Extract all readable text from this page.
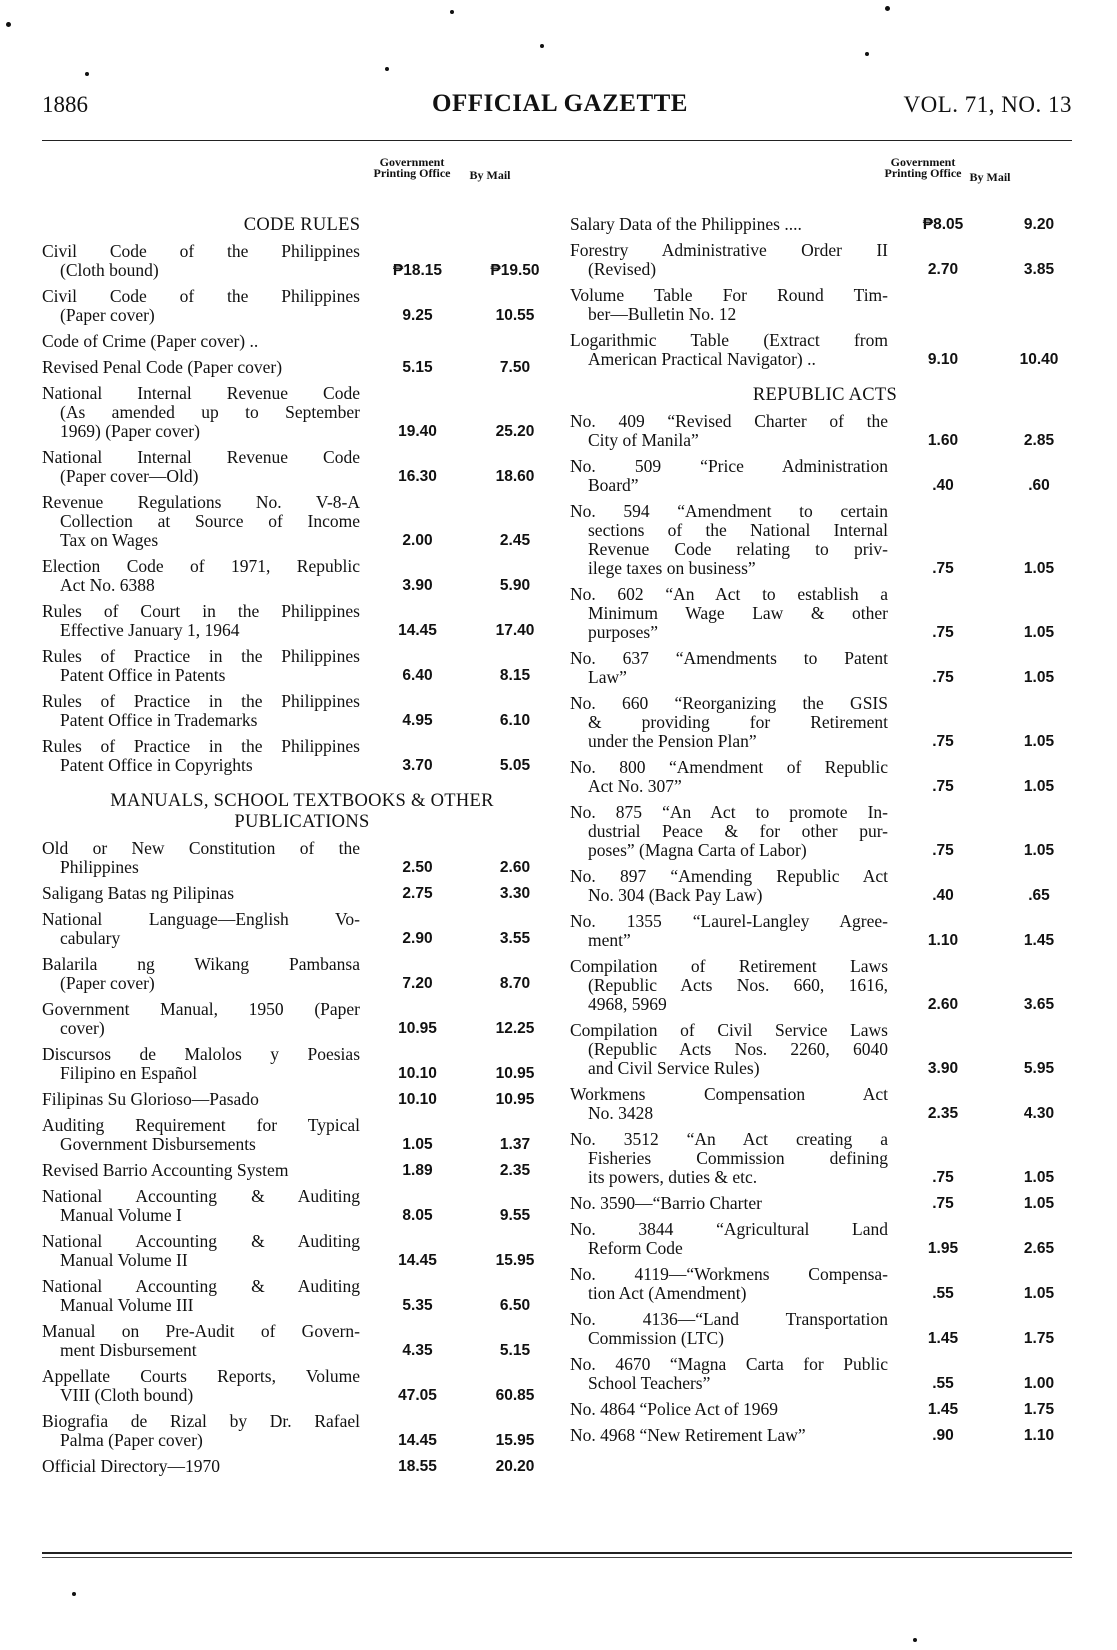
1886	OFFICIAL GAZETTE	VOL. 71, NO. 13
Government Printing Office	By Mail
Government Printing Office By Mail
CODE RULES
Civil Code of the Philippines
(Cloth bound)	₱18.15	₱19.50
Civil Code of the Philippines
(Paper cover)	9.25	10.55
Code of Crime (Paper cover) ..
Revised Penal Code (Paper cover)	5.15	7.50
National Internal Revenue Code
(As amended up to September
1969) (Paper cover)	19.40	25.20
National Internal Revenue Code
(Paper cover—Old)	16.30	18.60
Revenue Regulations No. V-8-A
Collection at Source of Income
Tax on Wages	2.00	2.45
Election Code of 1971, Republic
Act No. 6388	3.90	5.90
Rules of Court in the Philippines
Effective January 1, 1964	14.45	17.40
Rules of Practice in the Philippines
Patent Office in Patents	6.40	8.15
Rules of Practice in the Philippines
Patent Office in Trademarks	4.95	6.10
Rules of Practice in the Philippines
Patent Office in Copyrights	3.70	5.05
MANUALS, SCHOOL TEXTBOOKS & OTHER PUBLICATIONS
Old or New Constitution of the
Philippines	2.50	2.60
Saligang Batas ng Pilipinas	2.75	3.30
National Language—English Vo-
cabulary	2.90	3.55
Balarila ng Wikang Pambansa
(Paper cover)	7.20	8.70
Government Manual, 1950 (Paper
cover)	10.95	12.25
Discursos de Malolos y Poesias
Filipino en Español	10.10	10.95
Filipinas Su Glorioso—Pasado	10.10	10.95
Auditing Requirement for Typical
Government Disbursements	1.05	1.37
Revised Barrio Accounting System	1.89	2.35
National Accounting & Auditing
Manual Volume I	8.05	9.55
National Accounting & Auditing
Manual Volume II	14.45	15.95
National Accounting & Auditing
Manual Volume III	5.35	6.50
Manual on Pre-Audit of Govern-
ment Disbursement	4.35	5.15
Appellate Courts Reports, Volume
VIII (Cloth bound)	47.05	60.85
Biografia de Rizal by Dr. Rafael
Palma (Paper cover)	14.45	15.95
Official Directory—1970	18.55	20.20
Salary Data of the Philippines ....	₱8.05	9.20
Forestry Administrative Order II
(Revised)	2.70	3.85
Volume Table For Round Tim-
ber—Bulletin No. 12
Logarithmic Table (Extract from
American Practical Navigator) ..	9.10	10.40
REPUBLIC ACTS
No. 409 “Revised Charter of the
City of Manila”	1.60	2.85
No. 509 “Price Administration
Board”	.40	.60
No. 594 “Amendment to certain
sections of the National Internal
Revenue Code relating to priv-
ilege taxes on business”	.75	1.05
No. 602 “An Act to establish a
Minimum Wage Law & other
purposes”	.75	1.05
No. 637 “Amendments to Patent
Law”	.75	1.05
No. 660 “Reorganizing the GSIS
& providing for Retirement
under the Pension Plan”	.75	1.05
No. 800 “Amendment of Republic
Act No. 307”	.75	1.05
No. 875 “An Act to promote In-
dustrial Peace & for other pur-
poses” (Magna Carta of Labor)	.75	1.05
No. 897 “Amending Republic Act
No. 304 (Back Pay Law)	.40	.65
No. 1355 “Laurel-Langley Agree-
ment”	1.10	1.45
Compilation of Retirement Laws
(Republic Acts Nos. 660, 1616,
4968, 5969	2.60	3.65
Compilation of Civil Service Laws
(Republic Acts Nos. 2260, 6040
and Civil Service Rules)	3.90	5.95
Workmens Compensation Act
No. 3428	2.35	4.30
No. 3512 “An Act creating a
Fisheries Commission defining
its powers, duties & etc.	.75	1.05
No. 3590—“Barrio Charter	.75	1.05
No. 3844 “Agricultural Land
Reform Code	1.95	2.65
No. 4119—“Workmens Compensa-
tion Act (Amendment)	.55	1.05
No. 4136—“Land Transportation
Commission (LTC)	1.45	1.75
No. 4670 “Magna Carta for Public
School Teachers”	.55	1.00
No. 4864 “Police Act of 1969	1.45	1.75
No. 4968 “New Retirement Law”	.90	1.10
